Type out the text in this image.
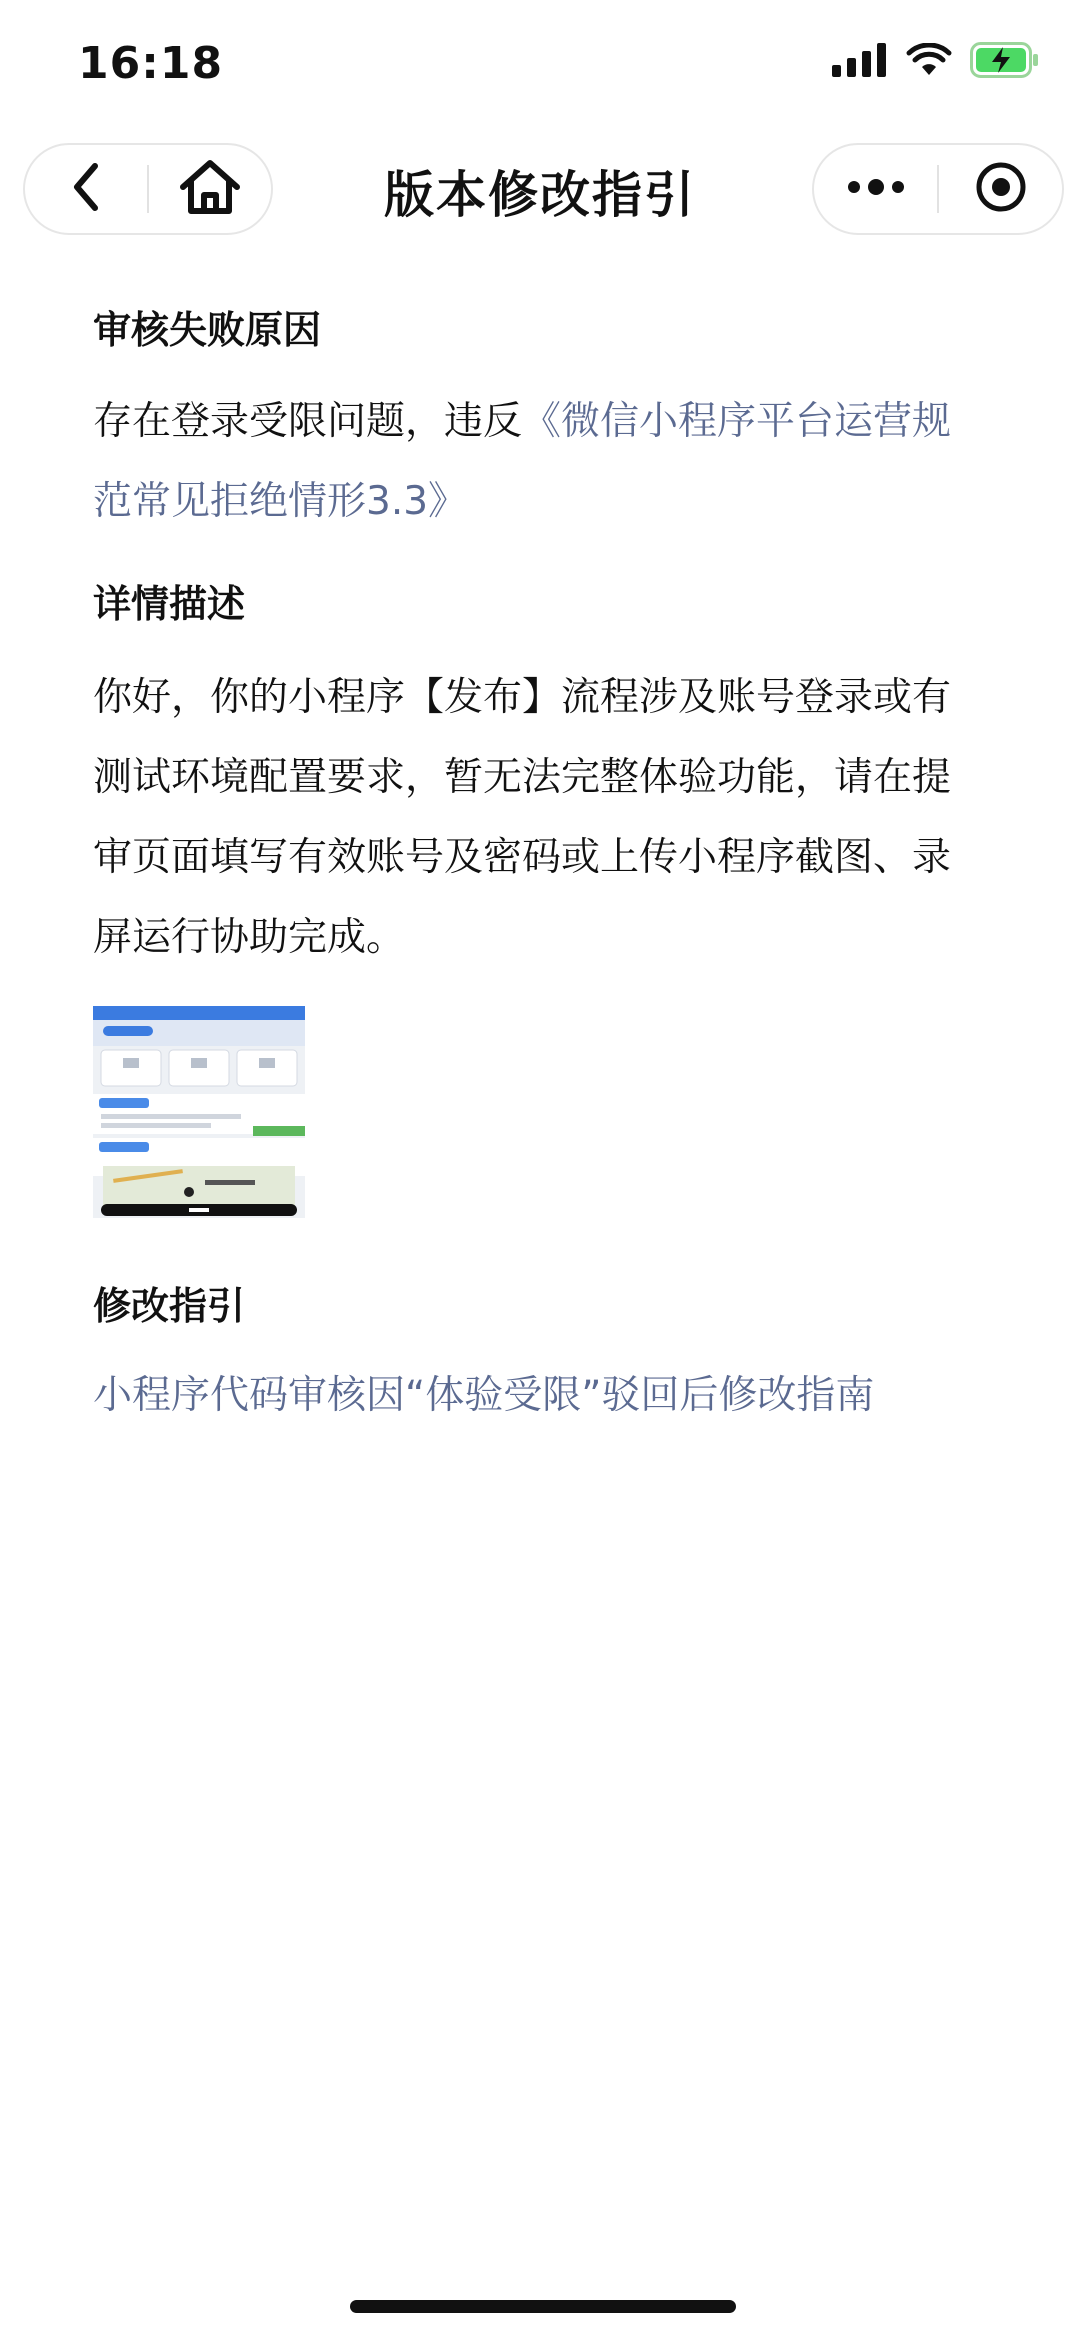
16:18
版本修改指引
审核失败原因

存在登录受限问题，违反《微信小程序平台运营规范常见拒绝情形3.3》

详情描述

你好，你的小程序【发布】流程涉及账号登录或有测试环境配置要求，暂无法完整体验功能，请在提审页面填写有效账号及密码或上传小程序截图、录屏运行协助完成。

修改指引

小程序代码审核因“体验受限”驳回后修改指南
